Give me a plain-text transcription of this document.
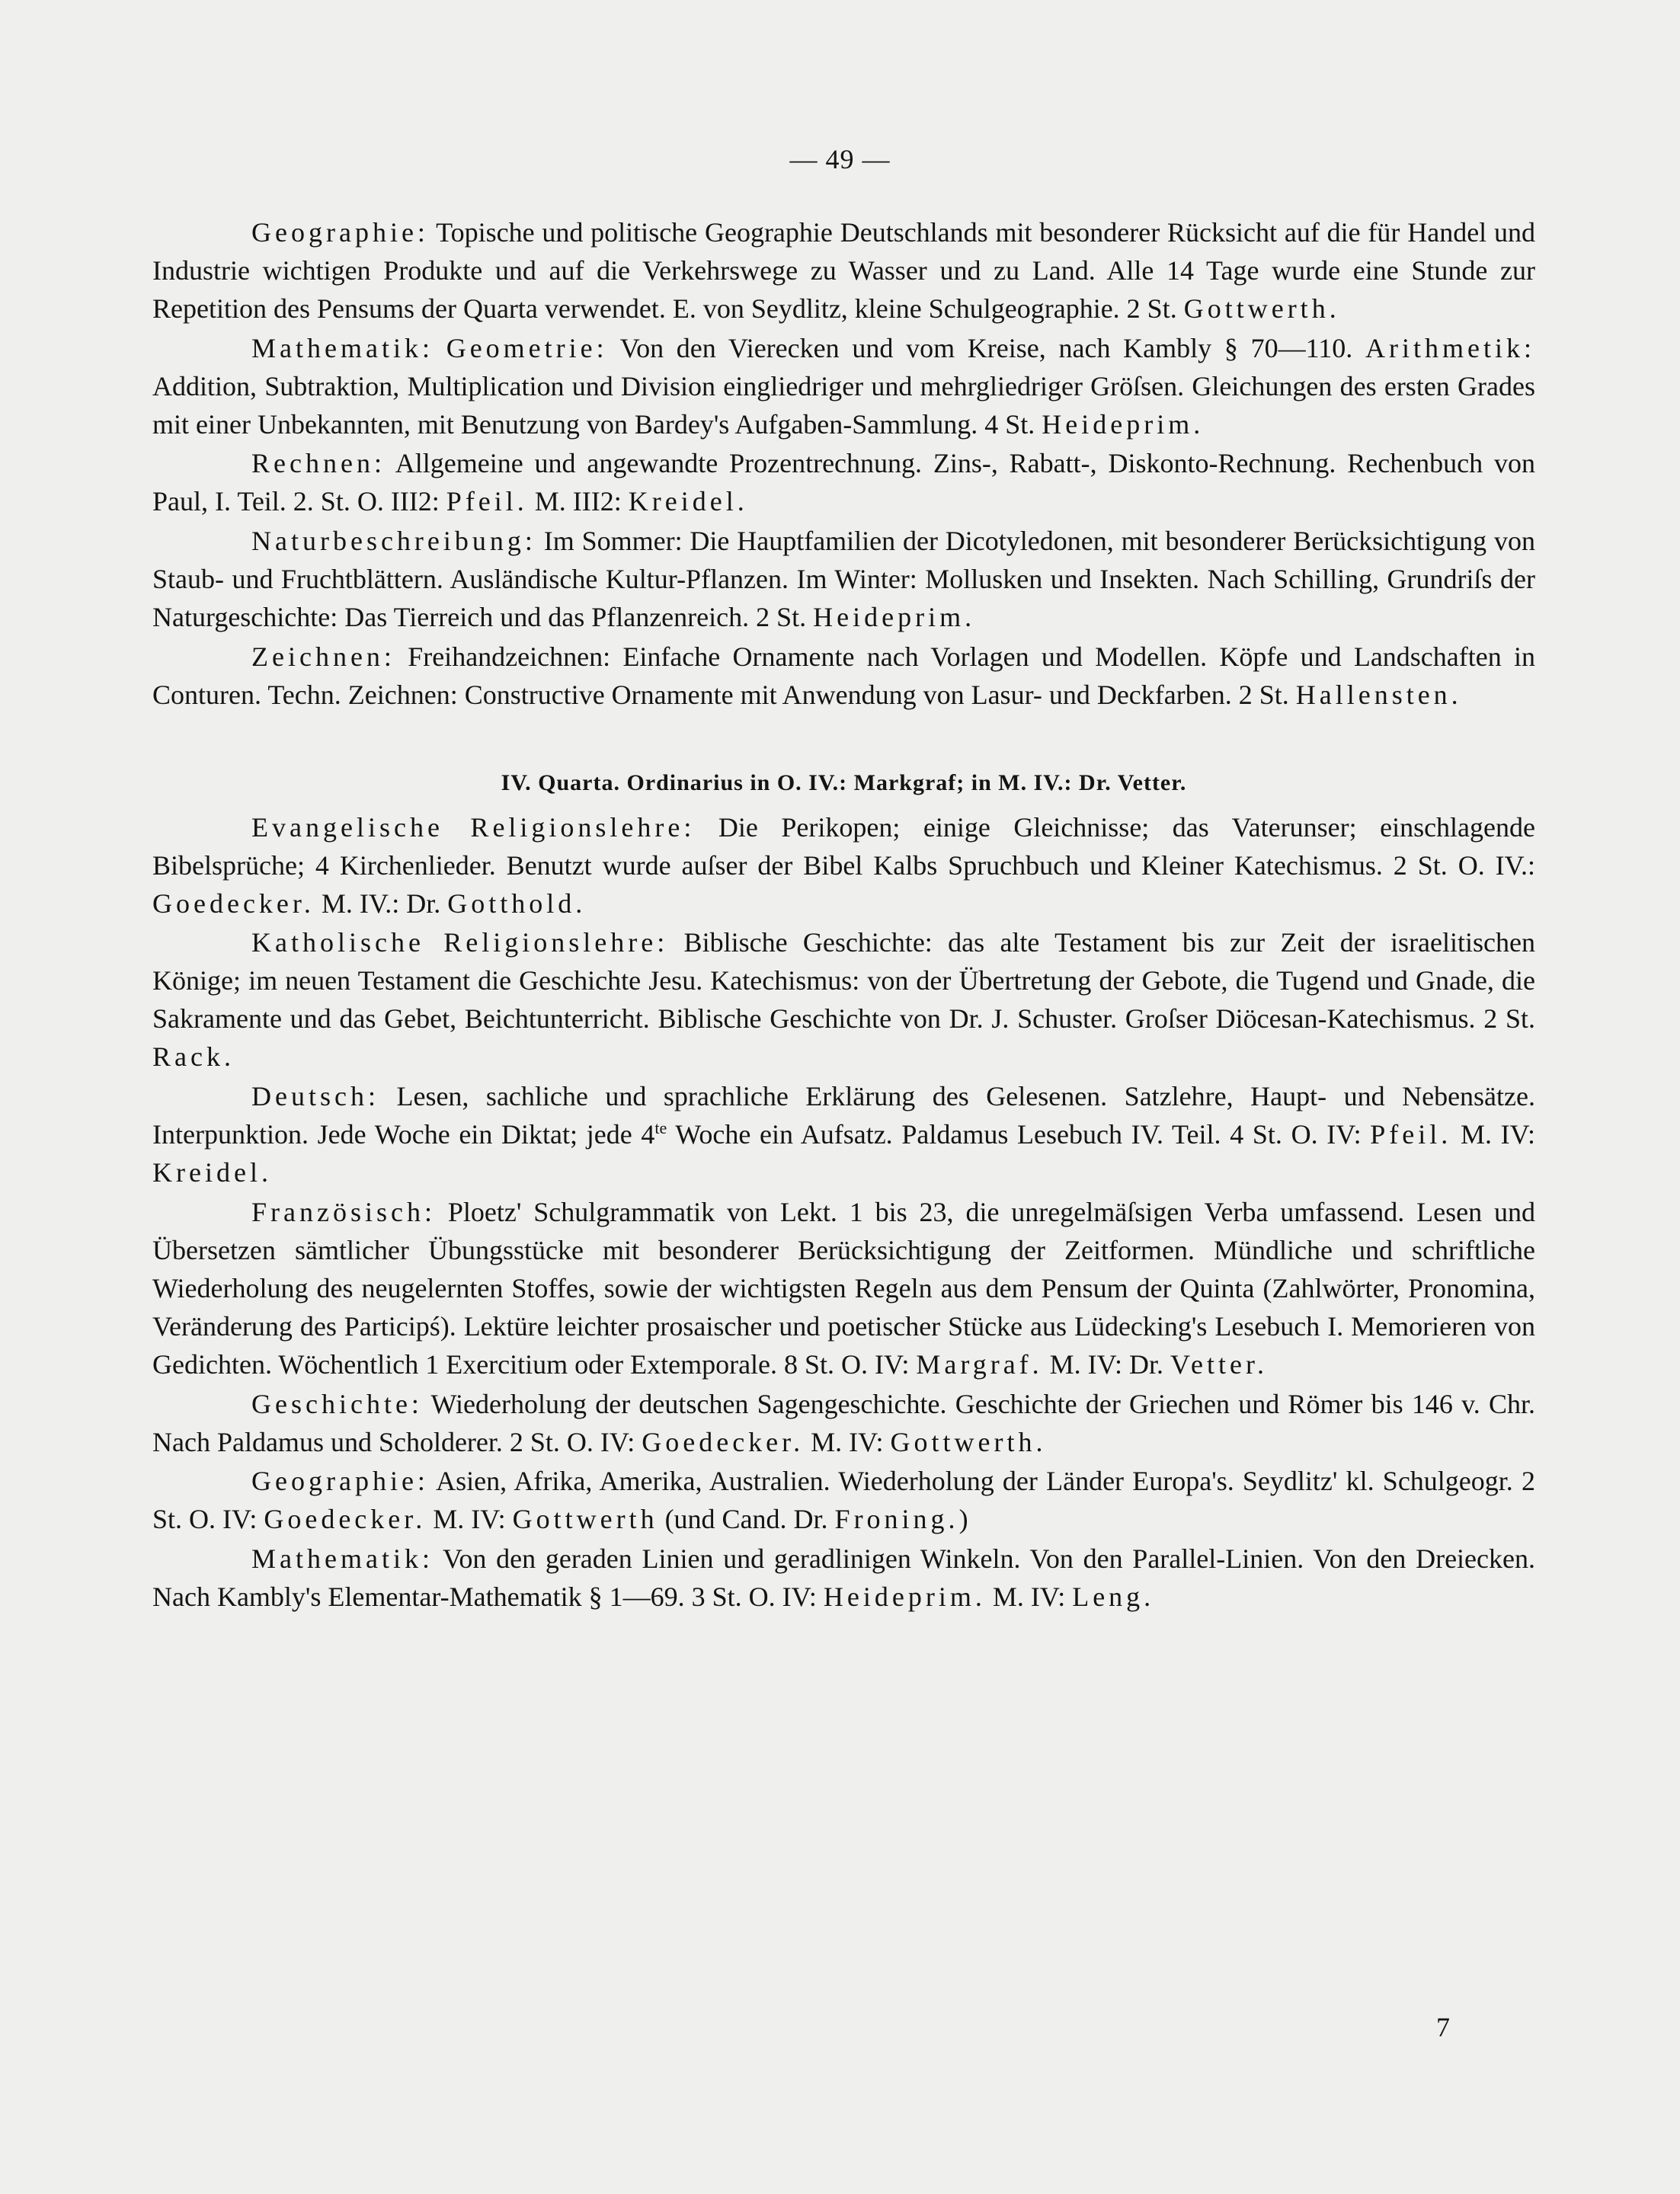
— 49 —

Geographie: Topische und politische Geographie Deutschlands mit besonderer Rücksicht auf die für Handel und Industrie wichtigen Produkte und auf die Verkehrswege zu Wasser und zu Land. Alle 14 Tage wurde eine Stunde zur Repetition des Pensums der Quarta verwendet. E. von Seydlitz, kleine Schulgeographie. 2 St. Gottwerth.

Mathematik: Geometrie: Von den Vierecken und vom Kreise, nach Kambly § 70—110. Arithmetik: Addition, Subtraktion, Multiplication und Division eingliedriger und mehrgliedriger Gröſsen. Gleichungen des ersten Grades mit einer Unbekannten, mit Benutzung von Bardey's Aufgaben-Sammlung. 4 St. Heideprim.

Rechnen: Allgemeine und angewandte Prozentrechnung. Zins-, Rabatt-, Diskonto-Rechnung. Rechenbuch von Paul, I. Teil. 2. St. O. III2: Pfeil. M. III2: Kreidel.

Naturbeschreibung: Im Sommer: Die Hauptfamilien der Dicotyledonen, mit besonderer Berücksichtigung von Staub- und Fruchtblättern. Ausländische Kultur-Pflanzen. Im Winter: Mollusken und Insekten. Nach Schilling, Grundriſs der Naturgeschichte: Das Tierreich und das Pflanzenreich. 2 St. Heideprim.

Zeichnen: Freihandzeichnen: Einfache Ornamente nach Vorlagen und Modellen. Köpfe und Landschaften in Conturen. Techn. Zeichnen: Constructive Ornamente mit Anwendung von Lasur- und Deckfarben. 2 St. Hallensten.

IV. Quarta. Ordinarius in O. IV.: Markgraf; in M. IV.: Dr. Vetter.

Evangelische Religionslehre: Die Perikopen; einige Gleichnisse; das Vaterunser; einschlagende Bibelsprüche; 4 Kirchenlieder. Benutzt wurde auſser der Bibel Kalbs Spruchbuch und Kleiner Katechismus. 2 St. O. IV.: Goedecker. M. IV.: Dr. Gotthold.

Katholische Religionslehre: Biblische Geschichte: das alte Testament bis zur Zeit der israelitischen Könige; im neuen Testament die Geschichte Jesu. Katechismus: von der Übertretung der Gebote, die Tugend und Gnade, die Sakramente und das Gebet, Beichtunterricht. Biblische Geschichte von Dr. J. Schuster. Groſser Diöcesan-Katechismus. 2 St. Rack.

Deutsch: Lesen, sachliche und sprachliche Erklärung des Gelesenen. Satzlehre, Haupt- und Nebensätze. Interpunktion. Jede Woche ein Diktat; jede $4^{te}$ Woche ein Aufsatz. Paldamus Lesebuch IV. Teil. 4 St. O. IV: Pfeil. M. IV: Kreidel.

Französisch: Ploetz' Schulgrammatik von Lekt. 1 bis 23, die unregelmäſsigen Verba umfassend. Lesen und Übersetzen sämtlicher Übungsstücke mit besonderer Berücksichtigung der Zeitformen. Mündliche und schriftliche Wiederholung des neugelernten Stoffes, sowie der wichtigsten Regeln aus dem Pensum der Quinta (Zahlwörter, Pronomina, Veränderung des Participś). Lektüre leichter prosaischer und poetischer Stücke aus Lüdecking's Lesebuch I. Memorieren von Gedichten. Wöchentlich 1 Exercitium oder Extemporale. 8 St. O. IV: Margraf. M. IV: Dr. Vetter.

Geschichte: Wiederholung der deutschen Sagengeschichte. Geschichte der Griechen und Römer bis 146 v. Chr. Nach Paldamus und Scholderer. 2 St. O. IV: Goedecker. M. IV: Gottwerth.

Geographie: Asien, Afrika, Amerika, Australien. Wiederholung der Länder Europa's. Seydlitz' kl. Schulgeogr. 2 St. O. IV: Goedecker. M. IV: Gottwerth (und Cand. Dr. Froning.)

Mathematik: Von den geraden Linien und geradlinigen Winkeln. Von den Parallel-Linien. Von den Dreiecken. Nach Kambly's Elementar-Mathematik § 1—69. 3 St. O. IV: Heideprim. M. IV: Leng.

7
